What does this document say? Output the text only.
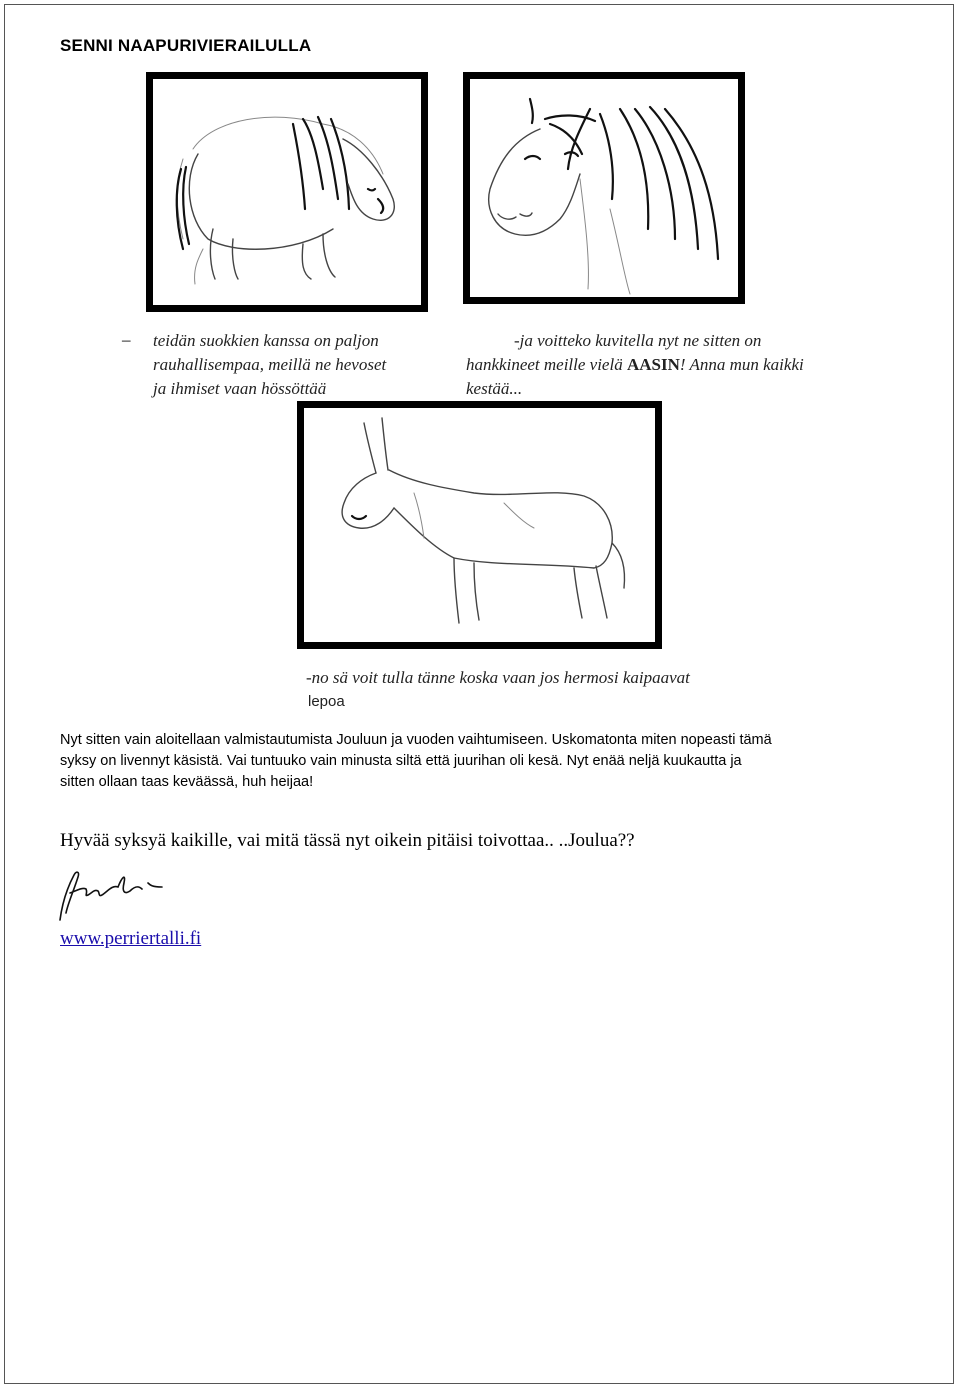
SENNI NAAPURIVIERAILULLA
– teidän suokkien kanssa on paljon
rauhallisempaa, meillä ne hevoset
ja ihmiset vaan hössöttää
-ja voitteko kuvitella nyt ne sitten on
hankkineet meille vielä AASIN! Anna mun kaikki
kestää...
-no sä voit tulla tänne koska vaan jos hermosi kaipaavat
lepoa
Nyt sitten vain aloitellaan valmistautumista Jouluun ja vuoden vaihtumiseen. Uskomatonta miten nopeasti tämä
syksy on livennyt käsistä. Vai tuntuuko vain minusta siltä että juurihan oli kesä. Nyt enää neljä kuukautta ja
sitten ollaan taas keväässä, huh heijaa!
Hyvää syksyä kaikille, vai mitä tässä nyt oikein pitäisi toivottaa.. ..Joulua??
www.perriertalli.fi
